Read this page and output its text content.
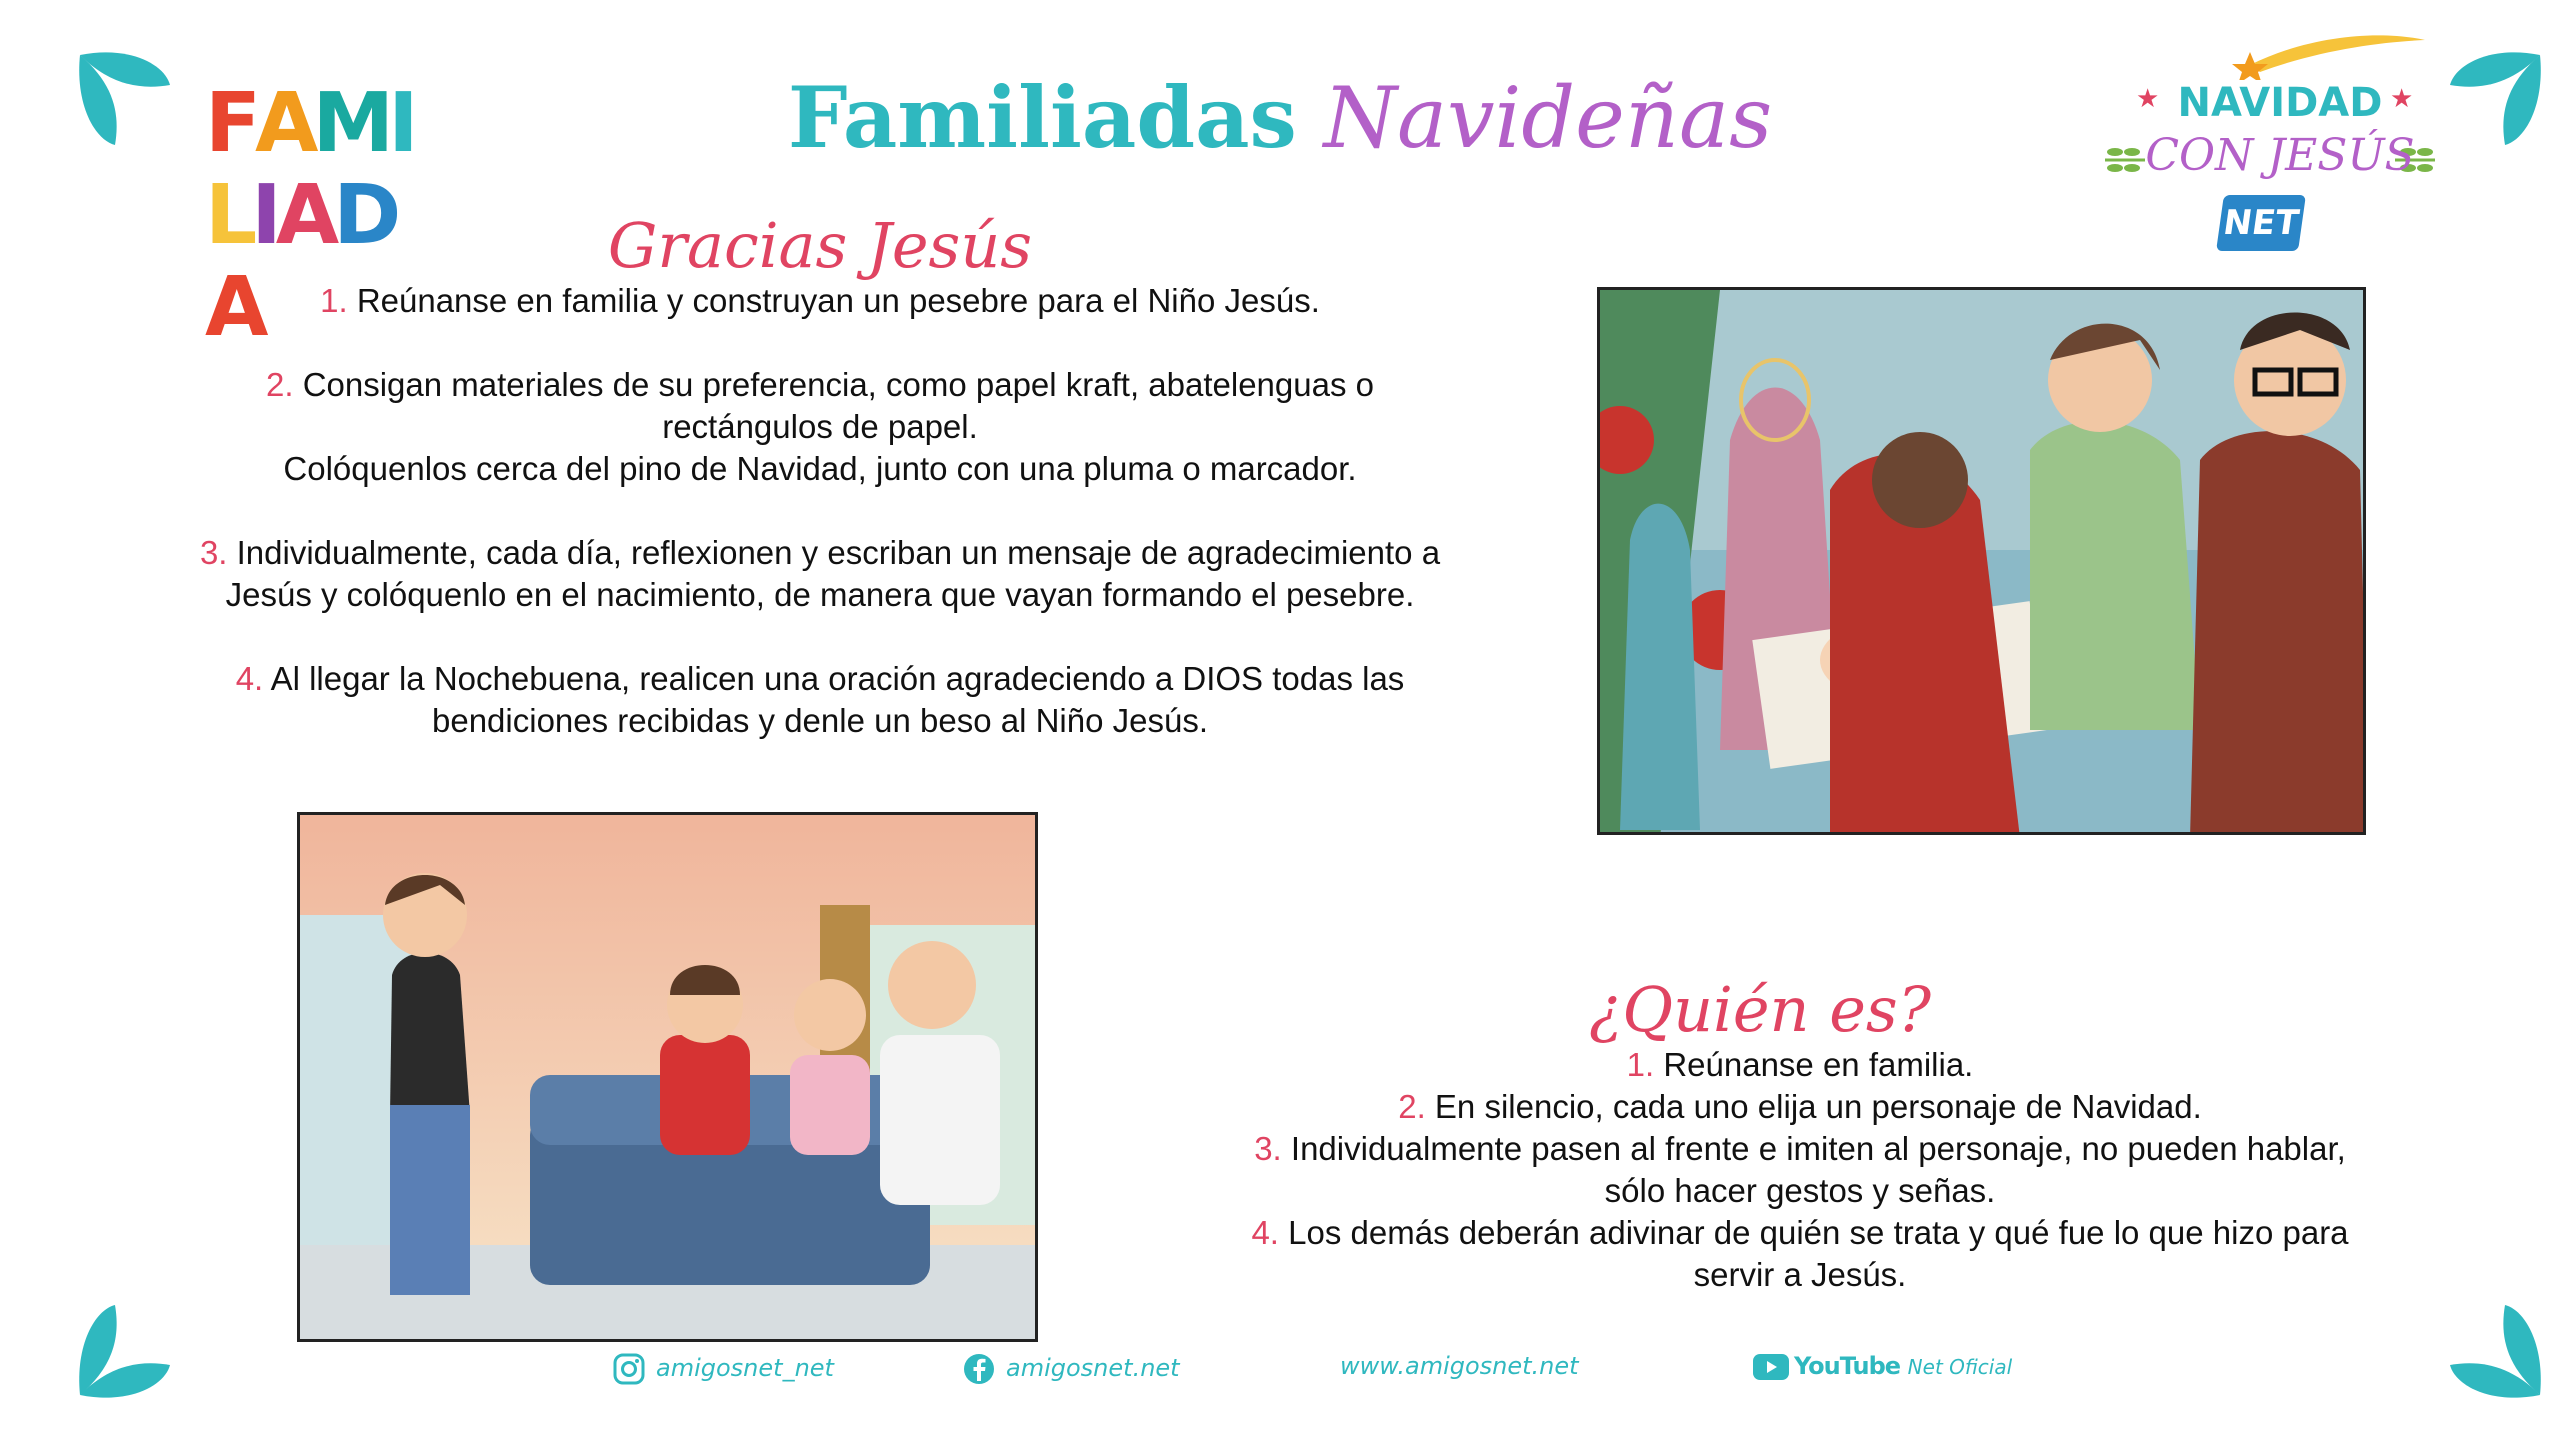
FAMILIADA
Familiadas Navideñas	★	★
NAVIDAD
CON JESÚS
NET
Gracias Jesús

1. Reúnanse en familia y construyan un pesebre para el Niño Jesús.

2. Consigan materiales de su preferencia, como papel kraft, abatelenguas o
rectángulos de papel.
Colóquenlos cerca del pino de Navidad, junto con una pluma o marcador.

3. Individualmente, cada día, reflexionen y escriban un mensaje de agradecimiento a
Jesús y colóquenlo en el nacimiento, de manera que vayan formando el pesebre.

4. Al llegar la Nochebuena, realicen una oración agradeciendo a DIOS todas las
bendiciones recibidas y denle un beso al Niño Jesús.

¿Quién es?

1. Reúnanse en familia.

2. En silencio, cada uno elija un personaje de Navidad.

3. Individualmente pasen al frente e imiten al personaje, no pueden hablar,
sólo hacer gestos y señas.

4. Los demás deberán adivinar de quién se trata y qué fue lo que hizo para
servir a Jesús.

amigosnet_net	amigosnet.net	www.amigosnet.net	YouTube Net Oficial
